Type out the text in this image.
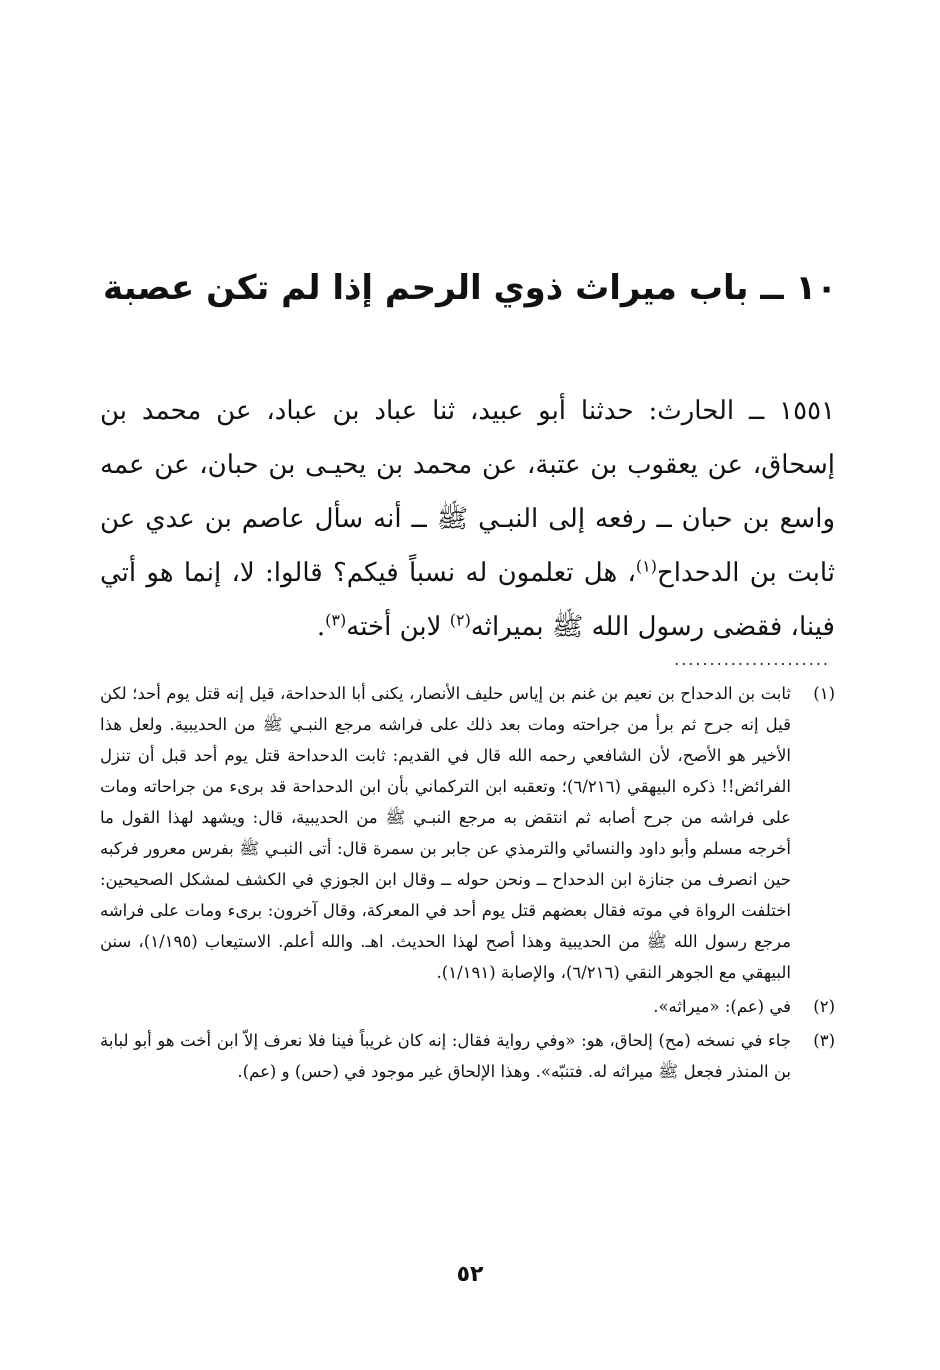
١٠ ــ باب ميراث ذوي الرحم إذا لم تكن عصبة

١٥٥١ ــ الحارث: حدثنا أبو عبيد، ثنا عباد بن عباد، عن محمد بن إسحاق، عن يعقوب بن عتبة، عن محمد بن يحيـى بن حبان، عن عمه واسع بن حبان ــ رفعه إلى النبـي ﷺ ــ أنه سأل عاصم بن عدي عن ثابت بن الدحداح$^{(١)}$، هل تعلمون له نسباً فيكم؟ قالوا: لا، إنما هو أتي فينا، فقضى رسول الله ﷺ بميراثه$^{(٢)}$ لابن أخته$^{(٣)}$.

......................
(١)
ثابت بن الدحداح بن نعيم بن غنم بن إياس حليف الأنصار، يكنى أبا الدحداحة، قيل إنه قتل يوم أحد؛ لكن قيل إنه جرح ثم برأ من جراحته ومات بعد ذلك على فراشه مرجع النبـي ﷺ من الحديبية. ولعل هذا الأخير هو الأصح، لأن الشافعي رحمه الله قال في القديم: ثابت الدحداحة قتل يوم أحد قبل أن تنزل الفرائض!! ذكره البيهقي (٦/٢١٦)؛ وتعقبه ابن التركماني بأن ابن الدحداحة قد برىء من جراحاته ومات على فراشه من جرح أصابه ثم انتقض به مرجع النبـي ﷺ من الحديبية، قال: ويشهد لهذا القول ما أخرجه مسلم وأبو داود والنسائي والترمذي عن جابر بن سمرة قال: أتى النبـي ﷺ بفرس معرور فركبه حين انصرف من جنازة ابن الدحداح ــ ونحن حوله ــ وقال ابن الجوزي في الكشف لمشكل الصحيحين: اختلفت الرواة في موته فقال بعضهم قتل يوم أحد في المعركة، وقال آخرون: برىء ومات على فراشه مرجع رسول الله ﷺ من الحديبية وهذا أصح لهذا الحديث. اهـ. والله أعلم. الاستيعاب (١/١٩٥)، سنن البيهقي مع الجوهر النقي (٦/٢١٦)، والإصابة (١/١٩١).
(٢)
في (عم): «ميراثه».
(٣)
جاء في نسخه (مح) إلحاق، هو: «وفي رواية فقال: إنه كان غريباً فينا فلا نعرف إلاّ ابن أخت هو أبو لبابة بن المنذر فجعل ﷺ ميراثه له. فتنبّه». وهذا الإلحاق غير موجود في (حس) و (عم).
٥٢
